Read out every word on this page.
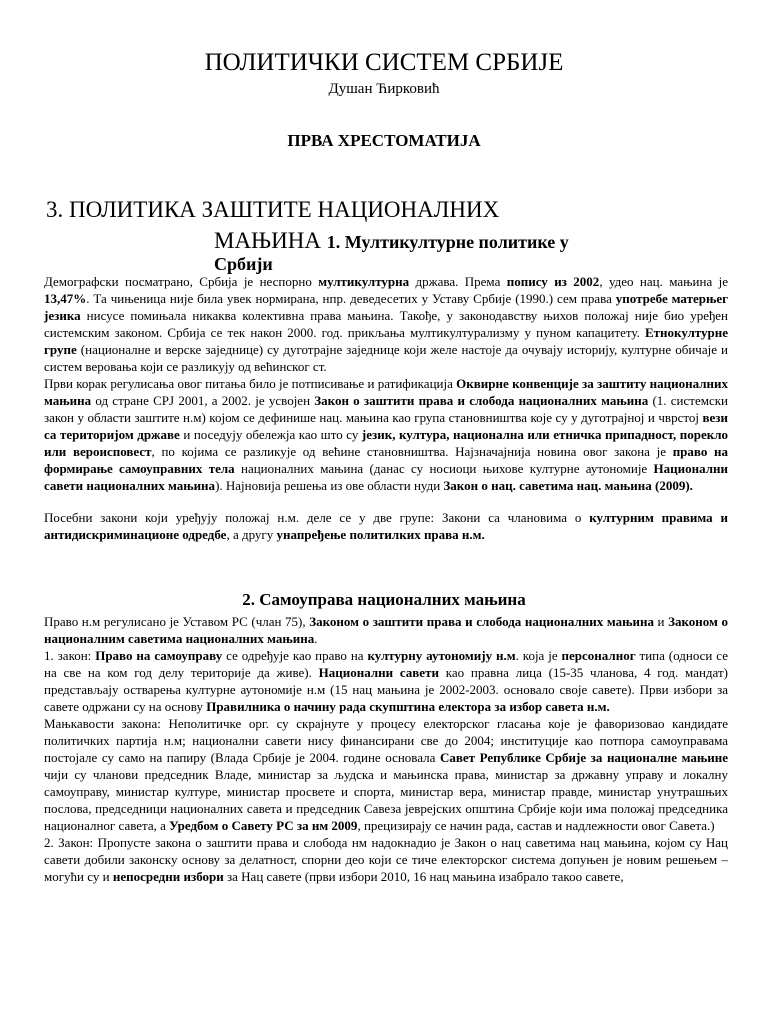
ПОЛИТИЧКИ СИСТЕМ СРБИЈЕ
Душан Ћирковић
ПРВА ХРЕСТОМАТИЈА
3. ПОЛИТИКА ЗАШТИТЕ НАЦИОНАЛНИХ
МАЊИНА 1. Мултикултурне политике у
Србији

Демографски посматрано, Србија је неспорно мултикултурна држава. Према попису из 2002, удео нац. мањина је 13,47%. Та чињеница није била увек нормирана, нпр. деведесетих у Уставу Србије (1990.) сем права употребе матерњег језика нисусе помињала никаква колективна права мањина. Такође, у законодавству њихов положај није био уређен системским законом. Србија се тек након 2000. год. прикљања мултикултурализму у пуном капацитету. Етнокултурне групе (националне и верске заједнице) су дуготрајне заједнице који желе настоје да очувају историју, културне обичаје и систем веровања који се разликују од већинског ст.

Први корак регулисања овог питања било је потписивање и ратификација Оквирне конвенције за заштиту националних мањина од стране СРЈ 2001, а 2002. је усвојен Закон о заштити права и слобода националних мањина (1. системски закон у области заштите н.м) којом се дефинише нац. мањина као група становништва које су у дуготрајној и чврстој вези са територијом државе и поседују обележја као што су језик, култура, национална или етничка припадност, порекло или вероисповест, по којима се разликује од већине становништва. Најзначајнија новина овог закона је право на формирање самоуправних тела националних мањина (данас су носиоци њихове културне аутономије Национални савети националних мањина). Најновија решења из ове области нуди Закон о нац. саветима нац. мањина (2009).

Посебни закони који уређују положај н.м. деле се у две групе: Закони са члановима о културним правима и антидискриминационе одредбе, а другу унапређење политилких права н.м.

2. Самоуправа националних мањина

Право н.м регулисано је Уставом РС (члан 75), Законом о заштити права и слобода националних мањина и Законом о националним саветима националних мањина.

1. закон: Право на самоуправу се одређује као право на културну аутономију н.м. која је персоналног типа (односи се на све на ком год делу територије да живе). Национални савети као правна лица (15-35 чланова, 4 год. мандат) представљају остварења културне аутономије н.м (15 нац мањина је 2002-2003. основало своје савете). Први избори за савете одржани су на основу Правилника о начину рада скупштина електора за избор савета н.м.

Мањкавости закона: Неполитичке орг. су скрајнуте у процесу електорског гласања које је фаворизовао кандидате политичких партија н.м; национални савети нису финансирани све до 2004; институције као потпора самоуправама постојале су само на папиру (Влада Србије је 2004. године основала Савет Републике Србије за националне мањине чији су чланови председник Владе, министар за људска и мањинска права, министар за државну управу и локалну самоуправу, министар културе, министар просвете и спорта, министар вера, министар правде, министар унутрашњих послова, председници националних савета и председник Савеза јеврејских општина Србије који има положај председника националног савета, а Уредбом о Савету РС за нм 2009, прецизирају се начин рада, састав и надлежности овог Савета.)

2. Закон: Пропусте закона о заштити права и слобода нм надокнадио је Закон о нац саветима нац мањина, којом су Нац савети добили законску основу за делатност, спорни део који се тиче електорског система допуњен је новим решењем – могући су и непосредни избори за Нац савете (први избори 2010, 16 нац мањина изабрало такоо савете,
